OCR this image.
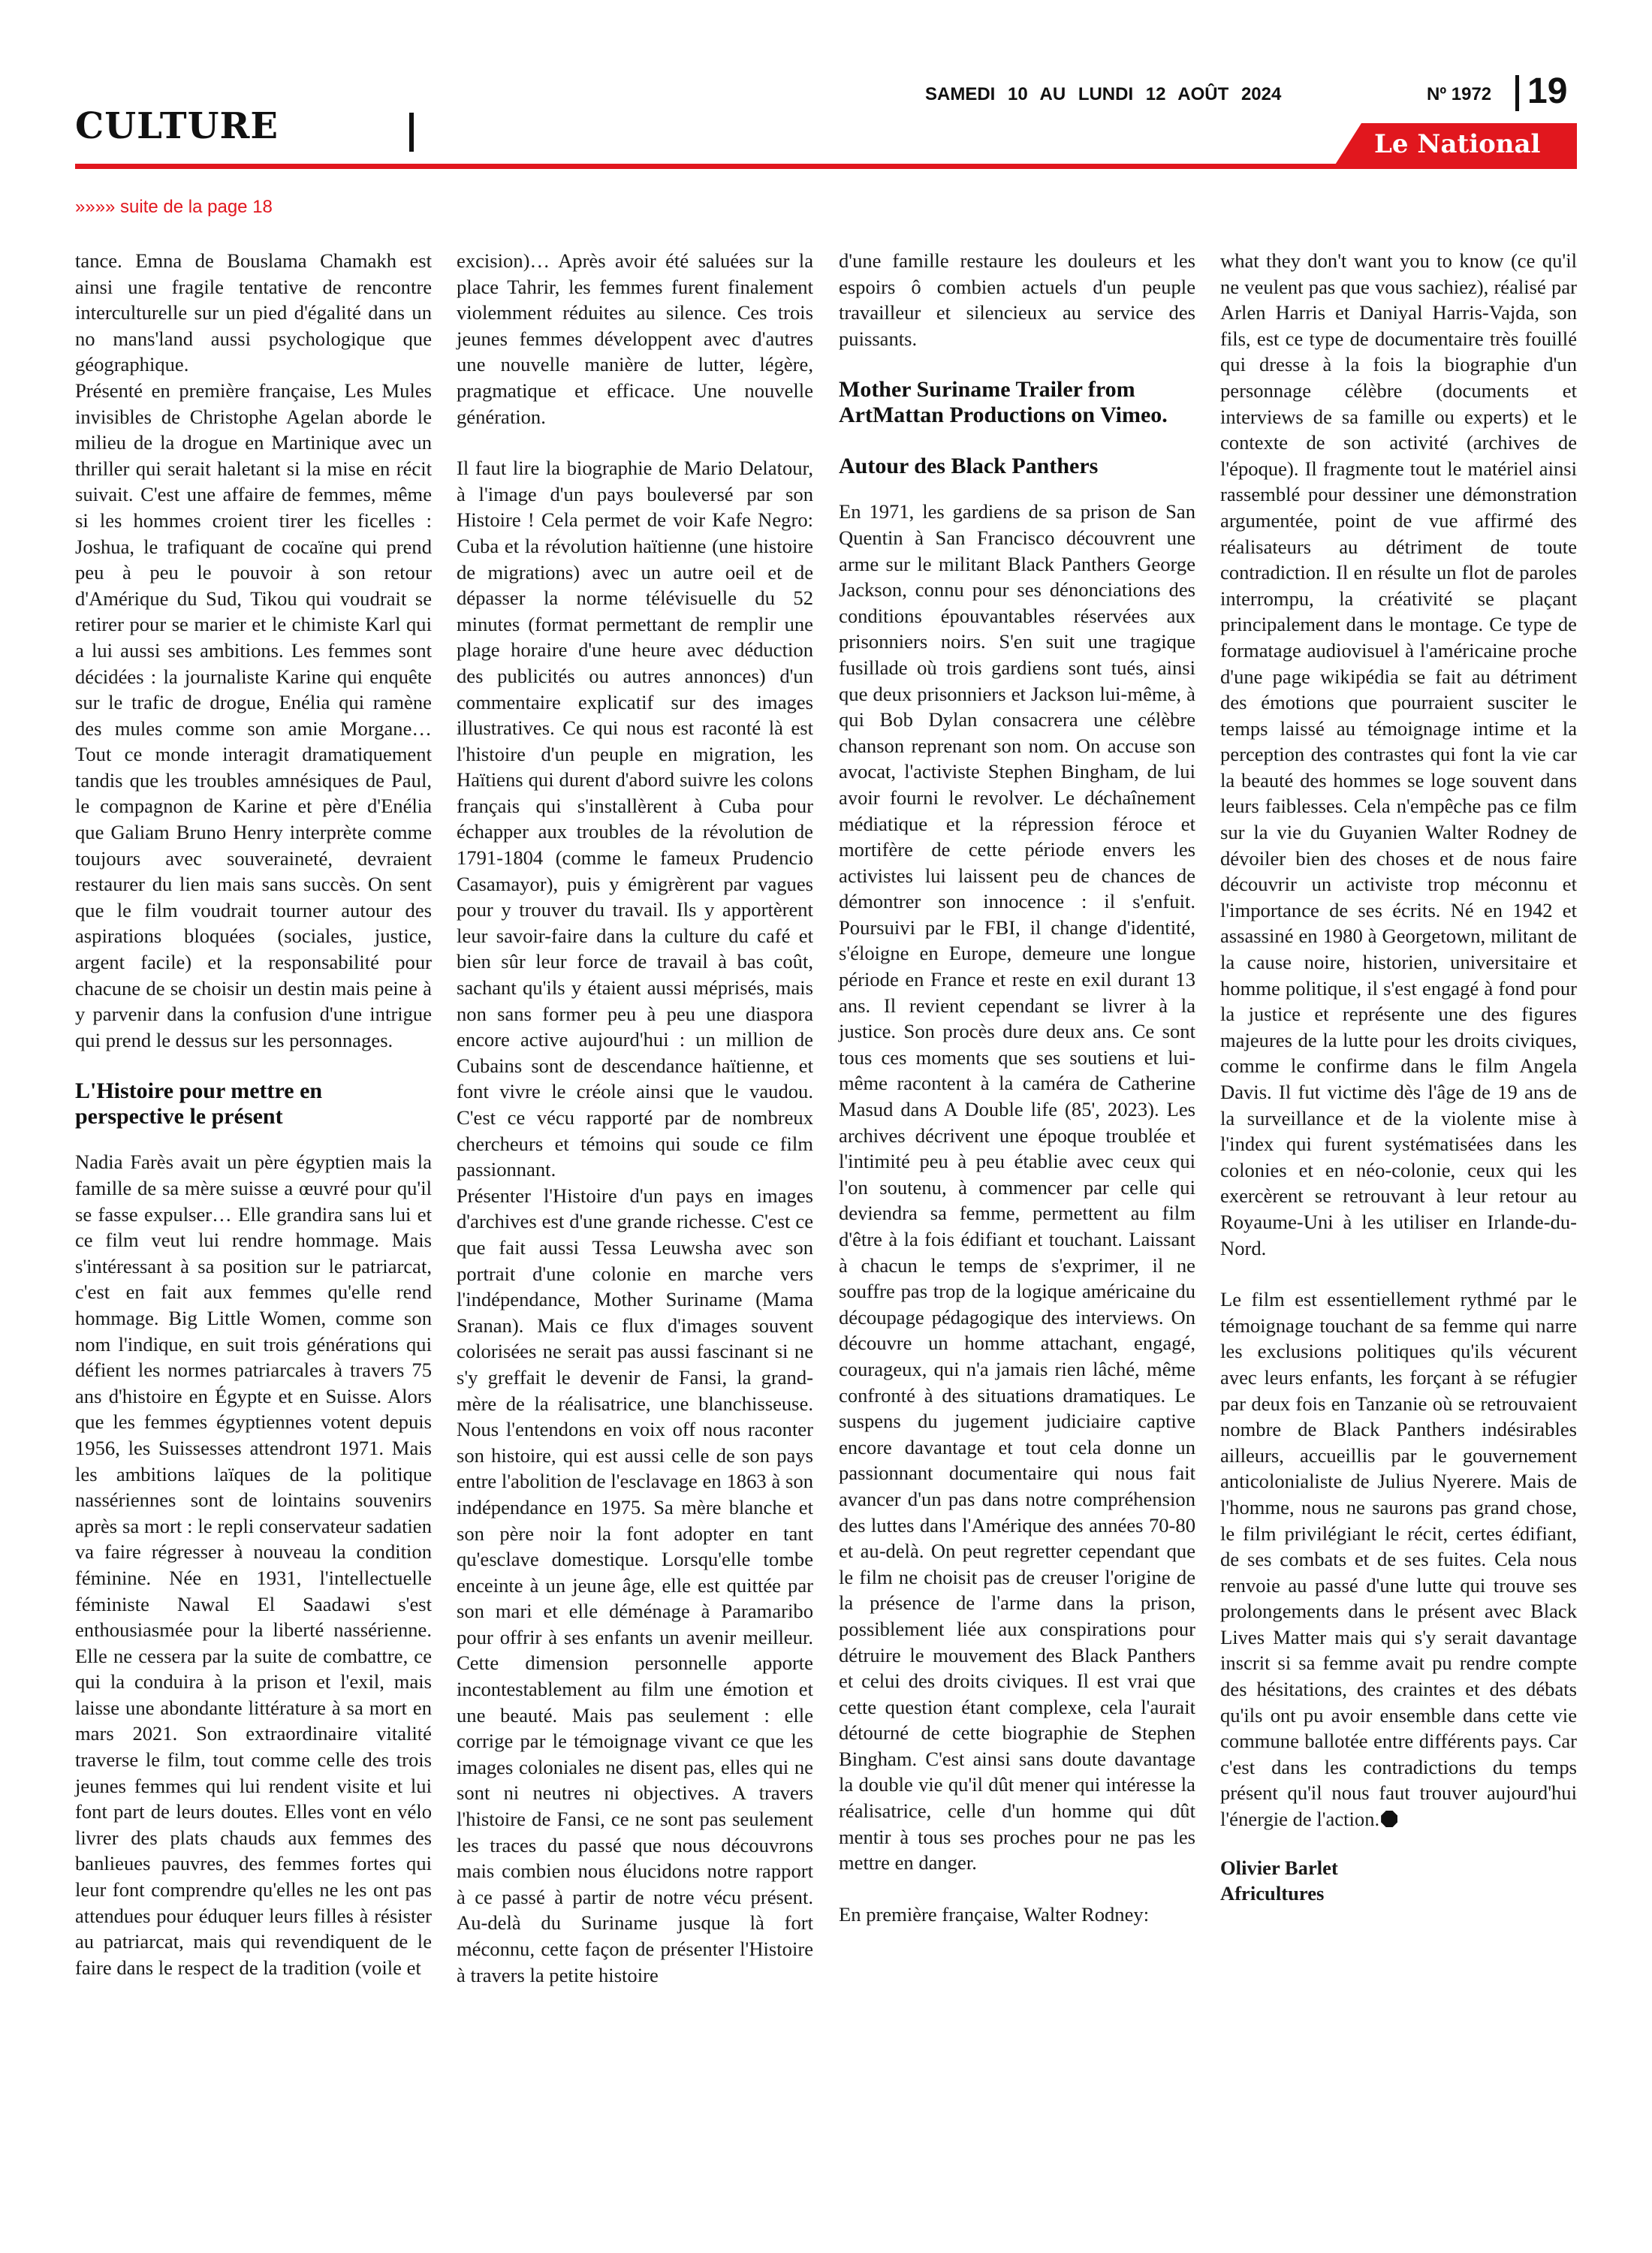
CULTURE
SAMEDI 10 AU LUNDI 12 AOÛT 2024	Nº 1972 19
Le National
»»»» suite de la page 18

tance. Emna de Bouslama Chamakh est ainsi une fragile tentative de rencontre interculturelle sur un pied d'égalité dans un no mans'land aussi psychologique que géographique.

Présenté en première française, Les Mules invisibles de Christophe Agelan aborde le milieu de la drogue en Martinique avec un thriller qui serait haletant si la mise en récit suivait. C'est une affaire de femmes, même si les hommes croient tirer les ficelles : Joshua, le trafiquant de cocaïne qui prend peu à peu le pouvoir à son retour d'Amérique du Sud, Tikou qui voudrait se retirer pour se marier et le chimiste Karl qui a lui aussi ses ambitions. Les femmes sont décidées : la journaliste Karine qui enquête sur le trafic de drogue, Enélia qui ramène des mules comme son amie Morgane… Tout ce monde interagit dramatiquement tandis que les troubles amnésiques de Paul, le compagnon de Karine et père d'Enélia que Galiam Bruno Henry interprète comme toujours avec souveraineté, devraient restaurer du lien mais sans succès. On sent que le film voudrait tourner autour des aspirations bloquées (sociales, justice, argent facile) et la responsabilité pour chacune de se choisir un destin mais peine à y parvenir dans la confusion d'une intrigue qui prend le dessus sur les personnages.

L'Histoire pour mettre en perspective le présent

Nadia Farès avait un père égyptien mais la famille de sa mère suisse a œuvré pour qu'il se fasse expulser… Elle grandira sans lui et ce film veut lui rendre hommage. Mais s'intéressant à sa position sur le patriarcat, c'est en fait aux femmes qu'elle rend hommage. Big Little Women, comme son nom l'indique, en suit trois générations qui défient les normes patriarcales à travers 75 ans d'histoire en Égypte et en Suisse. Alors que les femmes égyptiennes votent depuis 1956, les Suissesses attendront 1971. Mais les ambitions laïques de la politique nassériennes sont de lointains souvenirs après sa mort : le repli conservateur sadatien va faire régresser à nouveau la condition féminine. Née en 1931, l'intellectuelle féministe Nawal El Saadawi s'est enthousiasmée pour la liberté nassérienne. Elle ne cessera par la suite de combattre, ce qui la conduira à la prison et l'exil, mais laisse une abondante littérature à sa mort en mars 2021. Son extraordinaire vitalité traverse le film, tout comme celle des trois jeunes femmes qui lui rendent visite et lui font part de leurs doutes. Elles vont en vélo livrer des plats chauds aux femmes des banlieues pauvres, des femmes fortes qui leur font comprendre qu'elles ne les ont pas attendues pour éduquer leurs filles à résister au patriarcat, mais qui revendiquent de le faire dans le respect de la tradition (voile et

excision)… Après avoir été saluées sur la place Tahrir, les femmes furent finalement violemment réduites au silence. Ces trois jeunes femmes développent avec d'autres une nouvelle manière de lutter, légère, pragmatique et efficace. Une nouvelle génération.

Il faut lire la biographie de Mario Delatour, à l'image d'un pays bouleversé par son Histoire ! Cela permet de voir Kafe Negro: Cuba et la révolution haïtienne (une histoire de migrations) avec un autre oeil et de dépasser la norme télévisuelle du 52 minutes (format permettant de remplir une plage horaire d'une heure avec déduction des publicités ou autres annonces) d'un commentaire explicatif sur des images illustratives. Ce qui nous est raconté là est l'histoire d'un peuple en migration, les Haïtiens qui durent d'abord suivre les colons français qui s'installèrent à Cuba pour échapper aux troubles de la révolution de 1791-1804 (comme le fameux Prudencio Casamayor), puis y émigrèrent par vagues pour y trouver du travail. Ils y apportèrent leur savoir-faire dans la culture du café et bien sûr leur force de travail à bas coût, sachant qu'ils y étaient aussi méprisés, mais non sans former peu à peu une diaspora encore active aujourd'hui : un million de Cubains sont de descendance haïtienne, et font vivre le créole ainsi que le vaudou. C'est ce vécu rapporté par de nombreux chercheurs et témoins qui soude ce film passionnant.

Présenter l'Histoire d'un pays en images d'archives est d'une grande richesse. C'est ce que fait aussi Tessa Leuwsha avec son portrait d'une colonie en marche vers l'indépendance, Mother Suriname (Mama Sranan). Mais ce flux d'images souvent colorisées ne serait pas aussi fascinant si ne s'y greffait le devenir de Fansi, la grand-mère de la réalisatrice, une blanchisseuse. Nous l'entendons en voix off nous raconter son histoire, qui est aussi celle de son pays entre l'abolition de l'esclavage en 1863 à son indépendance en 1975. Sa mère blanche et son père noir la font adopter en tant qu'esclave domestique. Lorsqu'elle tombe enceinte à un jeune âge, elle est quittée par son mari et elle déménage à Paramaribo pour offrir à ses enfants un avenir meilleur. Cette dimension personnelle apporte incontestablement au film une émotion et une beauté. Mais pas seulement : elle corrige par le témoignage vivant ce que les images coloniales ne disent pas, elles qui ne sont ni neutres ni objectives. A travers l'histoire de Fansi, ce ne sont pas seulement les traces du passé que nous découvrons mais combien nous élucidons notre rapport à ce passé à partir de notre vécu présent. Au-delà du Suriname jusque là fort méconnu, cette façon de présenter l'Histoire à travers la petite histoire

d'une famille restaure les douleurs et les espoirs ô combien actuels d'un peuple travailleur et silencieux au service des puissants.

Mother Suriname Trailer from ArtMattan Productions on Vimeo.
Autour des Black Panthers

En 1971, les gardiens de sa prison de San Quentin à San Francisco découvrent une arme sur le militant Black Panthers George Jackson, connu pour ses dénonciations des conditions épouvantables réservées aux prisonniers noirs. S'en suit une tragique fusillade où trois gardiens sont tués, ainsi que deux prisonniers et Jackson lui-même, à qui Bob Dylan consacrera une célèbre chanson reprenant son nom. On accuse son avocat, l'activiste Stephen Bingham, de lui avoir fourni le revolver. Le déchaînement médiatique et la répression féroce et mortifère de cette période envers les activistes lui laissent peu de chances de démontrer son innocence : il s'enfuit. Poursuivi par le FBI, il change d'identité, s'éloigne en Europe, demeure une longue période en France et reste en exil durant 13 ans. Il revient cependant se livrer à la justice. Son procès dure deux ans. Ce sont tous ces moments que ses soutiens et lui-même racontent à la caméra de Catherine Masud dans A Double life (85', 2023). Les archives décrivent une époque troublée et l'intimité peu à peu établie avec ceux qui l'on soutenu, à commencer par celle qui deviendra sa femme, permettent au film d'être à la fois édifiant et touchant. Laissant à chacun le temps de s'exprimer, il ne souffre pas trop de la logique américaine du découpage pédagogique des interviews. On découvre un homme attachant, engagé, courageux, qui n'a jamais rien lâché, même confronté à des situations dramatiques. Le suspens du jugement judiciaire captive encore davantage et tout cela donne un passionnant documentaire qui nous fait avancer d'un pas dans notre compréhension des luttes dans l'Amérique des années 70-80 et au-delà. On peut regretter cependant que le film ne choisit pas de creuser l'origine de la présence de l'arme dans la prison, possiblement liée aux conspirations pour détruire le mouvement des Black Panthers et celui des droits civiques. Il est vrai que cette question étant complexe, cela l'aurait détourné de cette biographie de Stephen Bingham. C'est ainsi sans doute davantage la double vie qu'il dût mener qui intéresse la réalisatrice, celle d'un homme qui dût mentir à tous ses proches pour ne pas les mettre en danger.

En première française, Walter Rodney:

what they don't want you to know (ce qu'il ne veulent pas que vous sachiez), réalisé par Arlen Harris et Daniyal Harris-Vajda, son fils, est ce type de documentaire très fouillé qui dresse à la fois la biographie d'un personnage célèbre (documents et interviews de sa famille ou experts) et le contexte de son activité (archives de l'époque). Il fragmente tout le matériel ainsi rassemblé pour dessiner une démonstration argumentée, point de vue affirmé des réalisateurs au détriment de toute contradiction. Il en résulte un flot de paroles interrompu, la créativité se plaçant principalement dans le montage. Ce type de formatage audiovisuel à l'américaine proche d'une page wikipédia se fait au détriment des émotions que pourraient susciter le temps laissé au témoignage intime et la perception des contrastes qui font la vie car la beauté des hommes se loge souvent dans leurs faiblesses. Cela n'empêche pas ce film sur la vie du Guyanien Walter Rodney de dévoiler bien des choses et de nous faire découvrir un activiste trop méconnu et l'importance de ses écrits. Né en 1942 et assassiné en 1980 à Georgetown, militant de la cause noire, historien, universitaire et homme politique, il s'est engagé à fond pour la justice et représente une des figures majeures de la lutte pour les droits civiques, comme le confirme dans le film Angela Davis. Il fut victime dès l'âge de 19 ans de la surveillance et de la violente mise à l'index qui furent systématisées dans les colonies et en néo-colonie, ceux qui les exercèrent se retrouvant à leur retour au Royaume-Uni à les utiliser en Irlande-du-Nord.

Le film est essentiellement rythmé par le témoignage touchant de sa femme qui narre les exclusions politiques qu'ils vécurent avec leurs enfants, les forçant à se réfugier par deux fois en Tanzanie où se retrouvaient nombre de Black Panthers indésirables ailleurs, accueillis par le gouvernement anticolonialiste de Julius Nyerere. Mais de l'homme, nous ne saurons pas grand chose, le film privilégiant le récit, certes édifiant, de ses combats et de ses fuites. Cela nous renvoie au passé d'une lutte qui trouve ses prolongements dans le présent avec Black Lives Matter mais qui s'y serait davantage inscrit si sa femme avait pu rendre compte des hésitations, des craintes et des débats qu'ils ont pu avoir ensemble dans cette vie commune ballotée entre différents pays. Car c'est dans les contradictions du temps présent qu'il nous faut trouver aujourd'hui l'énergie de l'action.

Olivier Barlet
Africultures
